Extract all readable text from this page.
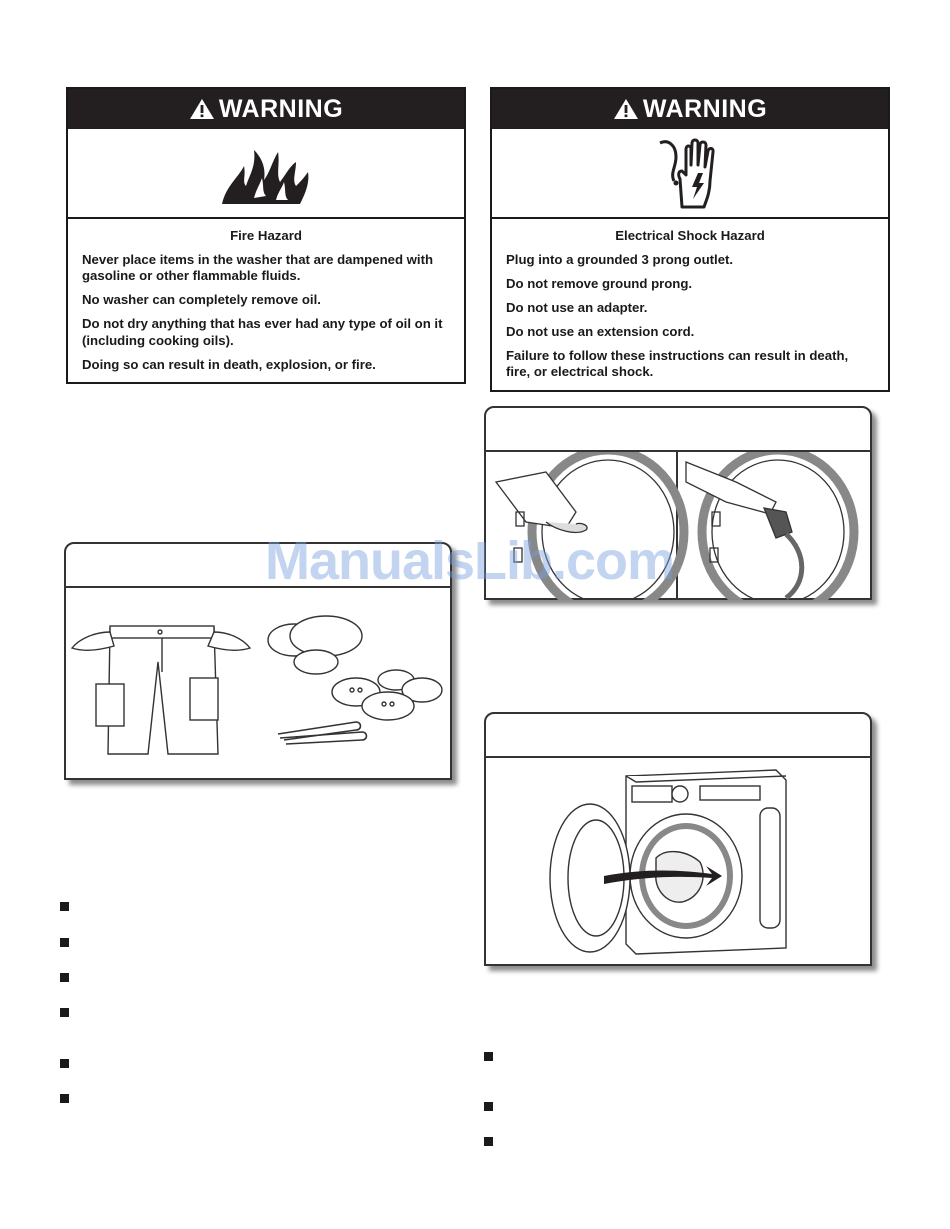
WARNING
Fire Hazard

Never place items in the washer that are dampened with gasoline or other flammable fluids.

No washer can completely remove oil.

Do not dry anything that has ever had any type of oil on it (including cooking oils).

Doing so can result in death, explosion, or fire.

WARNING
Electrical Shock Hazard

Plug into a grounded 3 prong outlet.

Do not remove ground prong.

Do not use an adapter.

Do not use an extension cord.

Failure to follow these instructions can result in death, fire, or electrical shock.

ManualsLib.com
